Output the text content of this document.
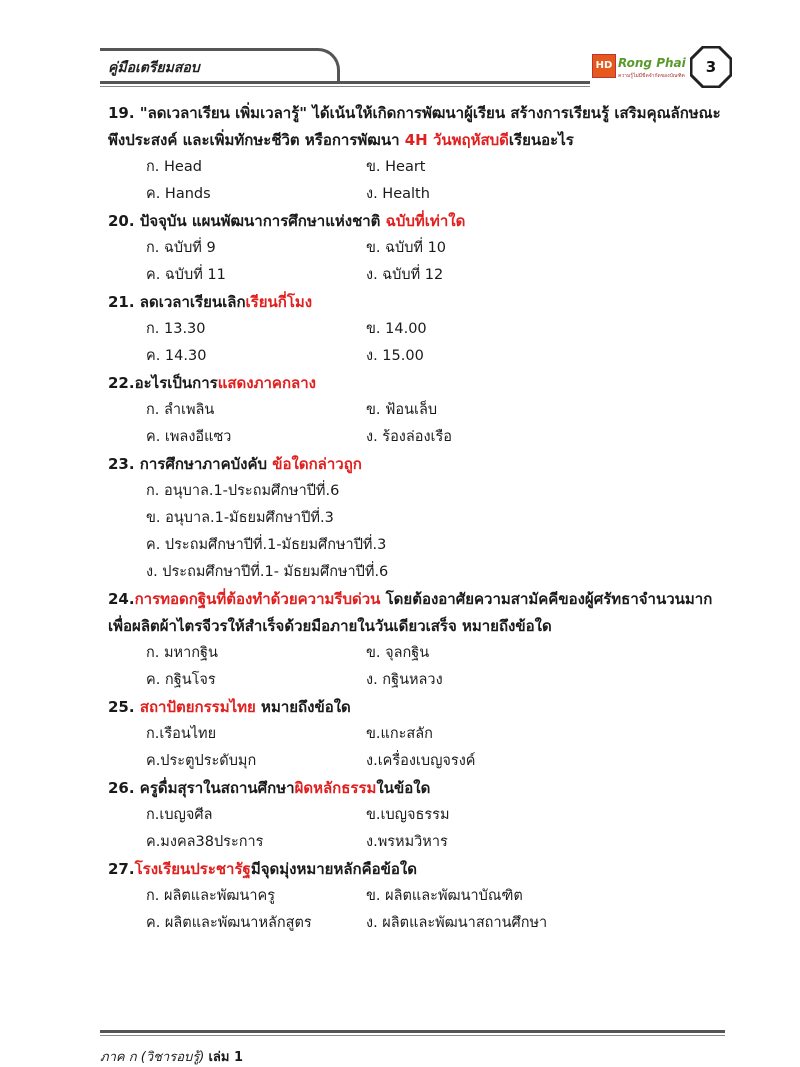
คู่มือเตรียมสอบ	HD Rong Phai
ความรู้ไม่มีขีดจำกัดของบัณฑิต	3
19. "ลดเวลาเรียน เพิ่มเวลารู้" ได้เน้นให้เกิดการพัฒนาผู้เรียน สร้างการเรียนรู้ เสริมคุณลักษณะพึงประสงค์ และเพิ่มทักษะชีวิต หรือการพัฒนา 4H วันพฤหัสบดีเรียนอะไร
ก. Head	ข. Heart
ค. Hands	ง. Health
20. ปัจจุบัน แผนพัฒนาการศึกษาแห่งชาติ ฉบับที่เท่าใด
ก. ฉบับที่ 9	ข. ฉบับที่ 10
ค. ฉบับที่ 11	ง. ฉบับที่ 12
21. ลดเวลาเรียนเลิกเรียนกี่โมง
ก. 13.30	ข. 14.00
ค. 14.30	ง. 15.00
22.อะไรเป็นการแสดงภาคกลาง
ก. ลำเพลิน	ข. ฟ้อนเล็บ
ค. เพลงอีแซว	ง. ร้องล่องเรือ
23. การศึกษาภาคบังคับ ข้อใดกล่าวถูก
ก. อนุบาล.1-ประถมศึกษาปีที่.6
ข. อนุบาล.1-มัธยมศึกษาปีที่.3
ค. ประถมศึกษาปีที่.1-มัธยมศึกษาปีที่.3
ง. ประถมศึกษาปีที่.1- มัธยมศึกษาปีที่.6
24.การทอดกฐินที่ต้องทำด้วยความรีบด่วน โดยต้องอาศัยความสามัคคีของผู้ศรัทธาจำนวนมากเพื่อผลิตผ้าไตรจีวรให้สำเร็จด้วยมือภายในวันเดียวเสร็จ หมายถึงข้อใด
ก. มหากฐิน	ข. จุลกฐิน
ค. กฐินโจร	ง. กฐินหลวง
25. สถาปัตยกรรมไทย หมายถึงข้อใด
ก.เรือนไทย	ข.แกะสลัก
ค.ประตูประดับมุก	ง.เครื่องเบญจรงค์
26. ครูดื่มสุราในสถานศึกษาผิดหลักธรรมในข้อใด
ก.เบญจศีล	ข.เบญจธรรม
ค.มงคล38ประการ	ง.พรหมวิหาร
27.โรงเรียนประชารัฐมีจุดมุ่งหมายหลักคือข้อใด
ก. ผลิตและพัฒนาครู	ข. ผลิตและพัฒนาบัณฑิต
ค. ผลิตและพัฒนาหลักสูตร	ง. ผลิตและพัฒนาสถานศึกษา
ภาค ก (วิชารอบรู้) เล่ม 1
